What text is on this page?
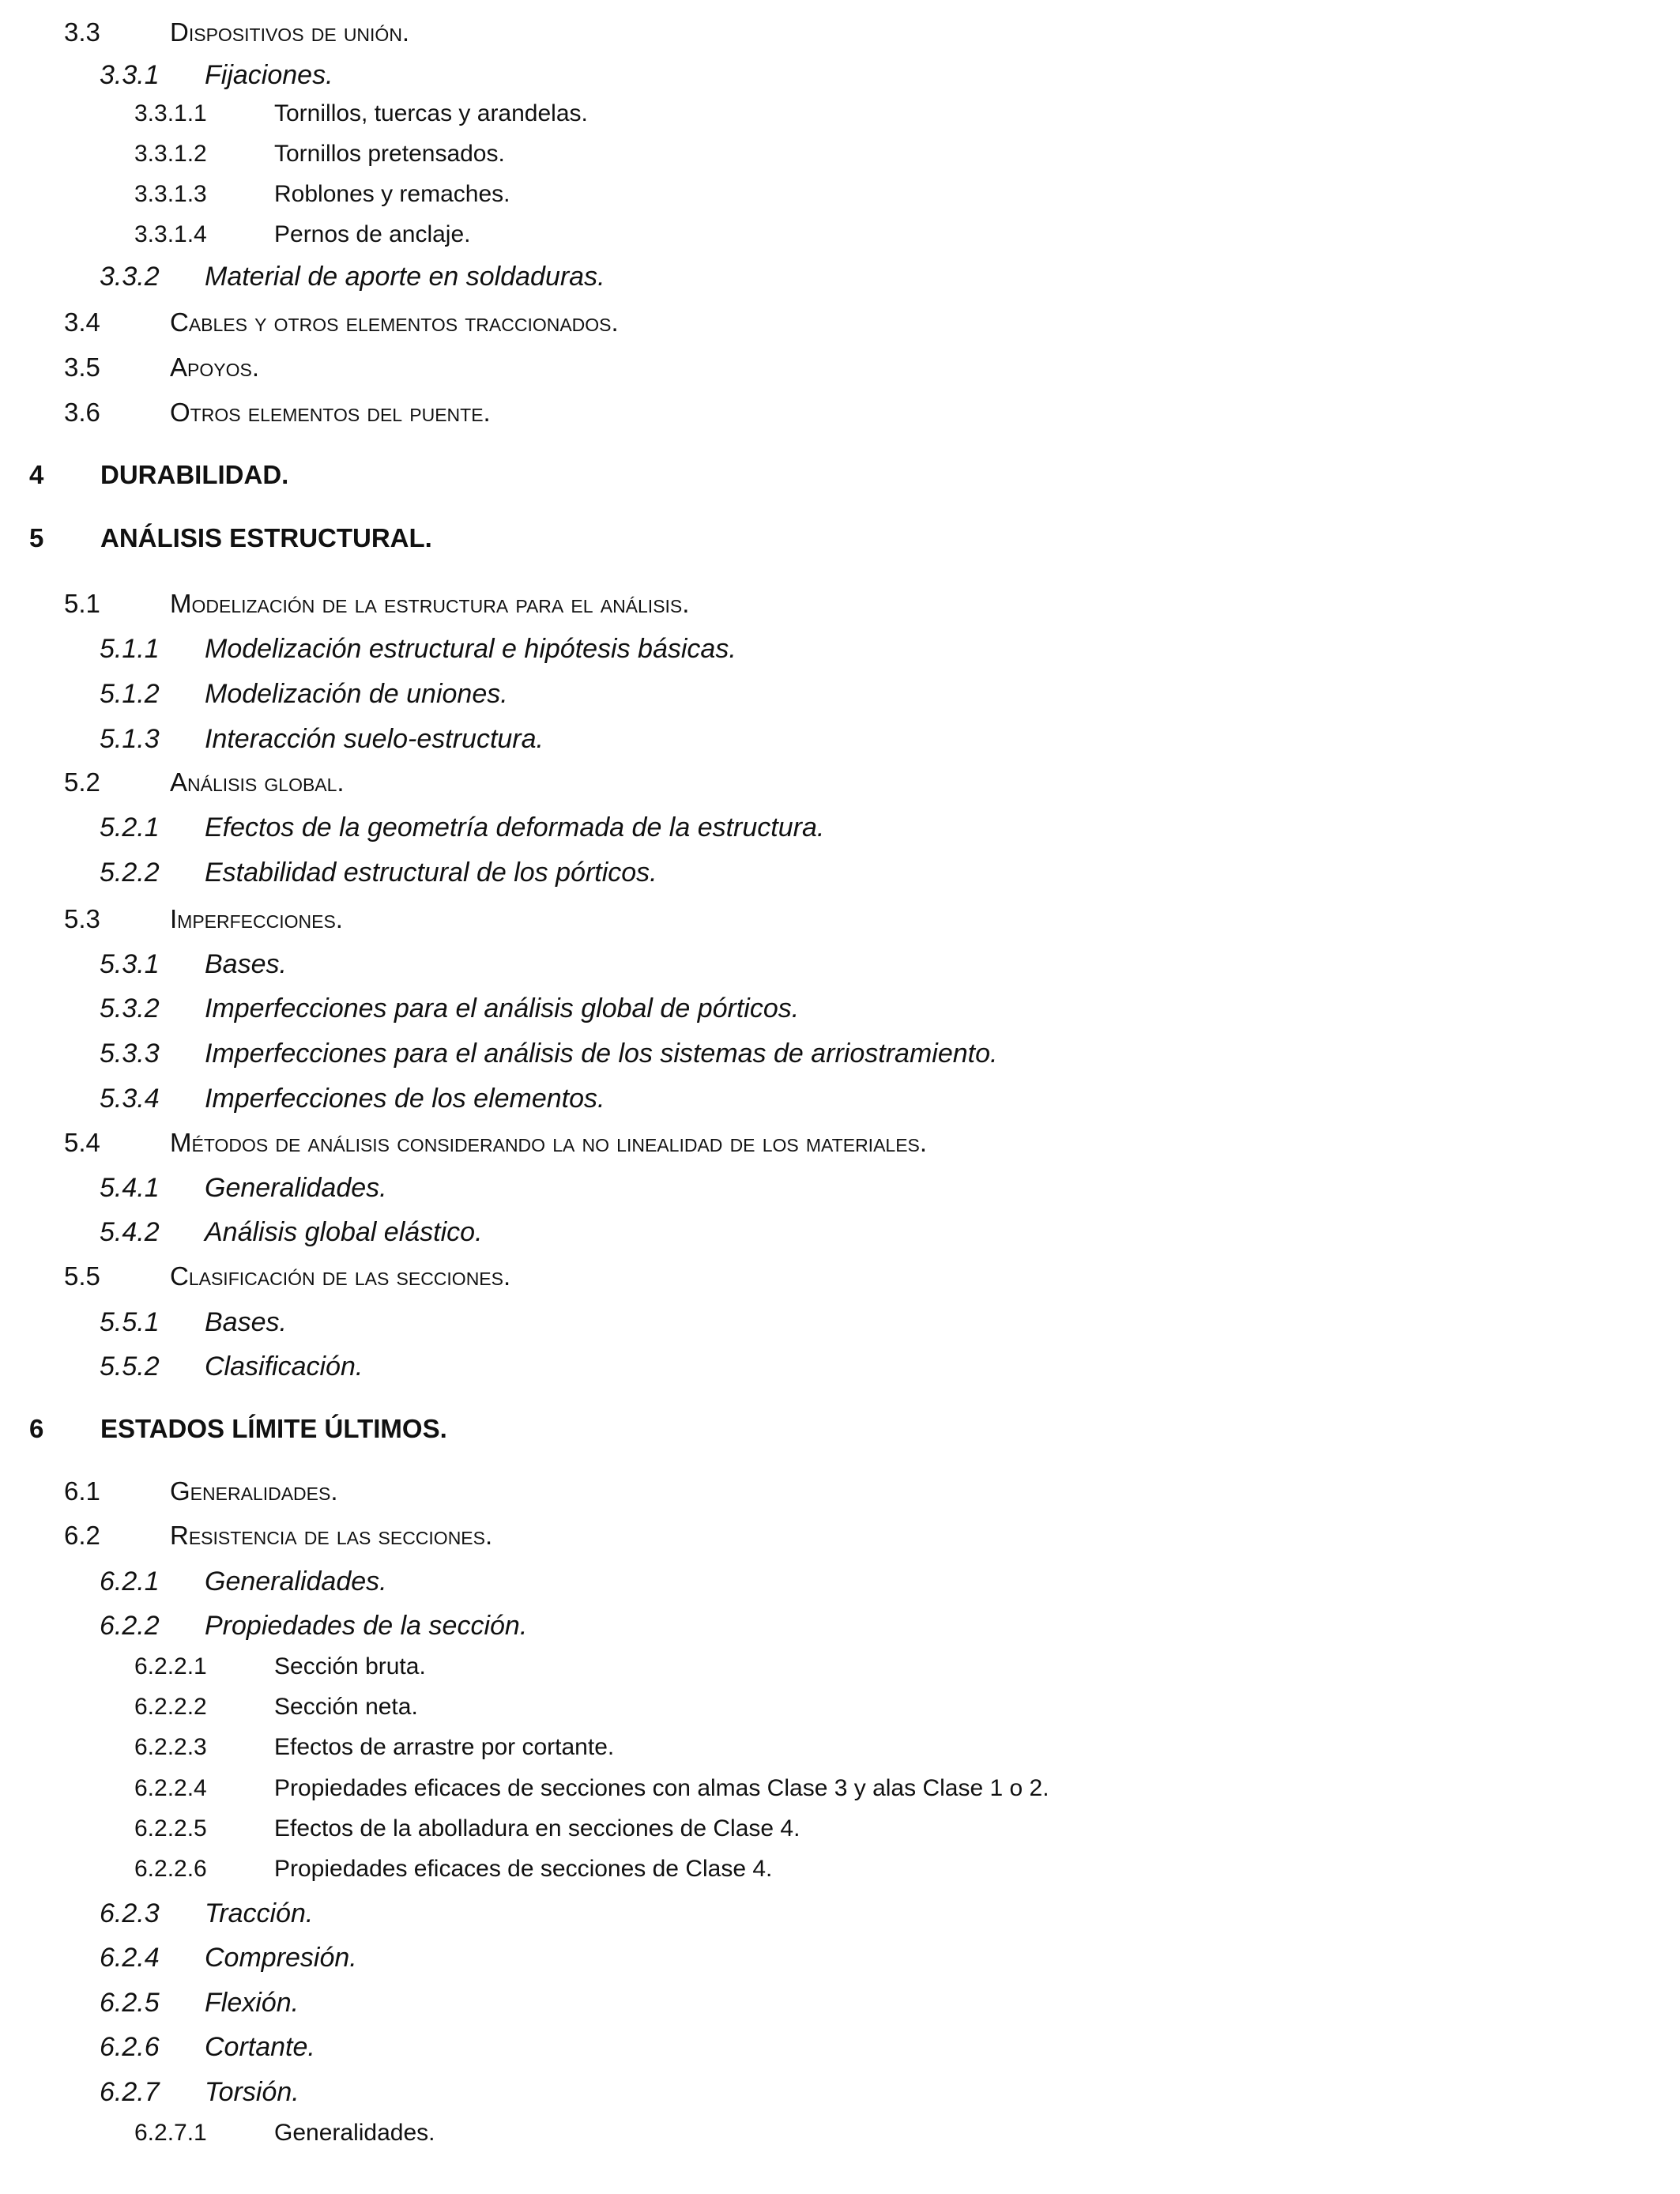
3.3	Dispositivos de unión.
3.3.1 Fijaciones.
3.3.1.1	Tornillos, tuercas y arandelas.
3.3.1.2	Tornillos pretensados.
3.3.1.3	Roblones y remaches.
3.3.1.4	Pernos de anclaje.
3.3.2 Material de aporte en soldaduras.
3.4	Cables y otros elementos traccionados.
3.5	Apoyos.
3.6	Otros elementos del puente.
4 DURABILIDAD.
5 ANÁLISIS ESTRUCTURAL.
5.1	Modelización de la estructura para el análisis.
5.1.1 Modelización estructural e hipótesis básicas.
5.1.2 Modelización de uniones.
5.1.3 Interacción suelo-estructura.
5.2	Análisis global.
5.2.1 Efectos de la geometría deformada de la estructura.
5.2.2 Estabilidad estructural de los pórticos.
5.3	Imperfecciones.
5.3.1 Bases.
5.3.2 Imperfecciones para el análisis global de pórticos.
5.3.3 Imperfecciones para el análisis de los sistemas de arriostramiento.
5.3.4 Imperfecciones de los elementos.
5.4	Métodos de análisis considerando la no linealidad de los materiales.
5.4.1 Generalidades.
5.4.2 Análisis global elástico.
5.5	Clasificación de las secciones.
5.5.1 Bases.
5.5.2 Clasificación.
6 ESTADOS LÍMITE ÚLTIMOS.
6.1	Generalidades.
6.2	Resistencia de las secciones.
6.2.1 Generalidades.
6.2.2 Propiedades de la sección.
6.2.2.1	Sección bruta.
6.2.2.2	Sección neta.
6.2.2.3	Efectos de arrastre por cortante.
6.2.2.4	Propiedades eficaces de secciones con almas Clase 3 y alas Clase 1 o 2.
6.2.2.5	Efectos de la abolladura en secciones de Clase 4.
6.2.2.6	Propiedades eficaces de secciones de Clase 4.
6.2.3 Tracción.
6.2.4 Compresión.
6.2.5 Flexión.
6.2.6 Cortante.
6.2.7 Torsión.
6.2.7.1	Generalidades.
